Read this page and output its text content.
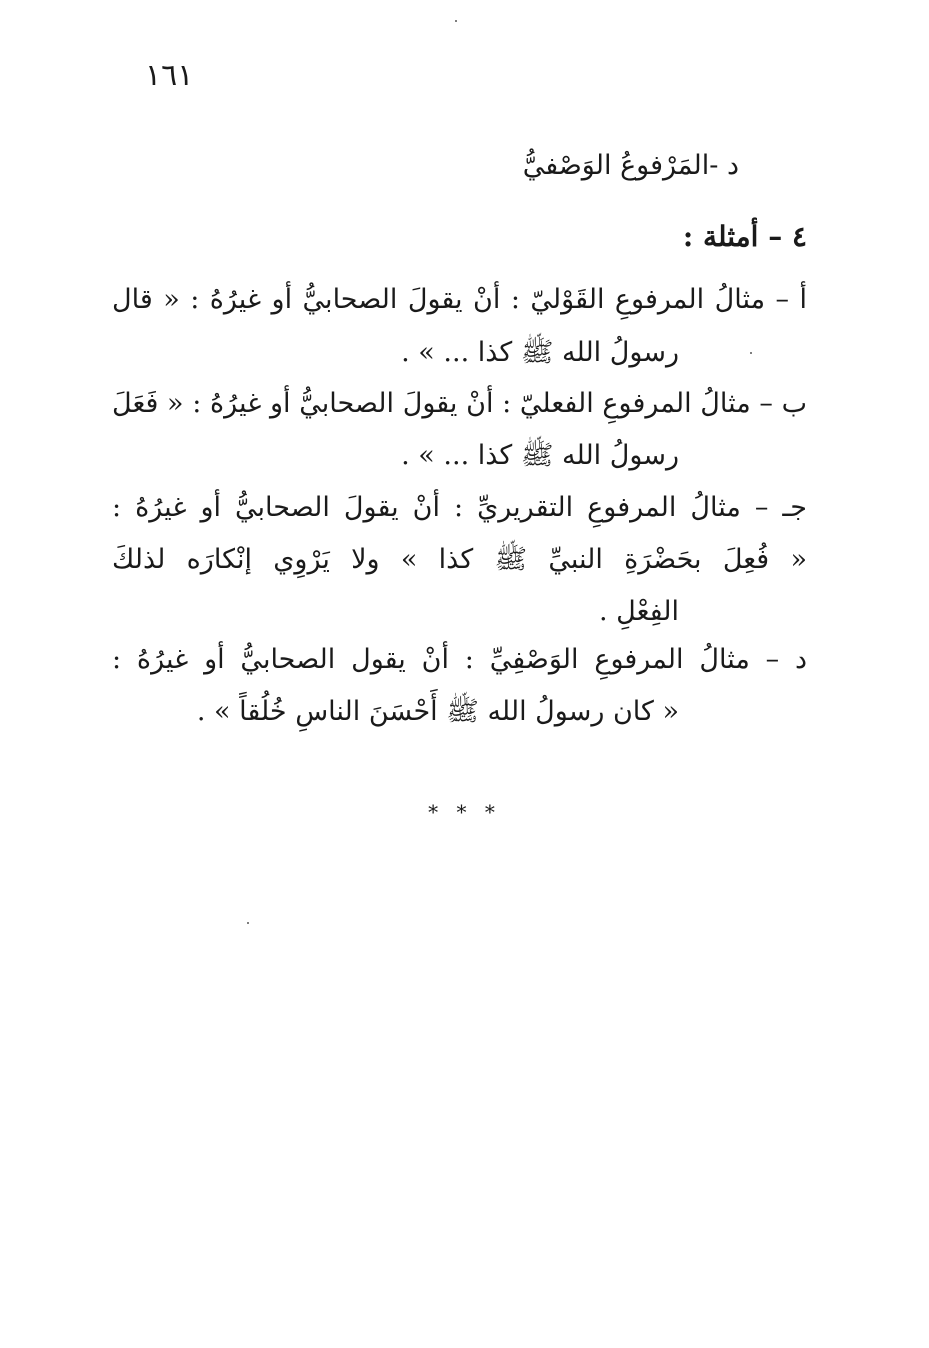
١٦١
د -المَرْفوعُ الوَصْفيُّ
٤ – أمثلة :
أ – مثالُ المرفوعِ القَوْليّ : أنْ يقولَ الصحابيُّ أو غيرُهُ : « قال
رسولُ الله ﷺ كذا ... » .
ب – مثالُ المرفوعِ الفعليّ : أنْ يقولَ الصحابيُّ أو غيرُهُ : « فَعَلَ
رسولُ الله ﷺ كذا ... » .
جـ – مثالُ المرفوعِ التقريريِّ : أنْ يقولَ الصحابيُّ أو غيرُهُ :
« فُعِلَ بحَضْرَةِ النبيِّ ﷺ كذا » ولا يَرْوِي إنْكارَه لذلكَ
الفِعْلِ .
د – مثالُ المرفوعِ الوَصْفِيِّ : أنْ يقول الصحابيُّ أو غيرُهُ :
« كان رسولُ الله ﷺ أَحْسَنَ الناسِ خُلُقاً » .
* * *
